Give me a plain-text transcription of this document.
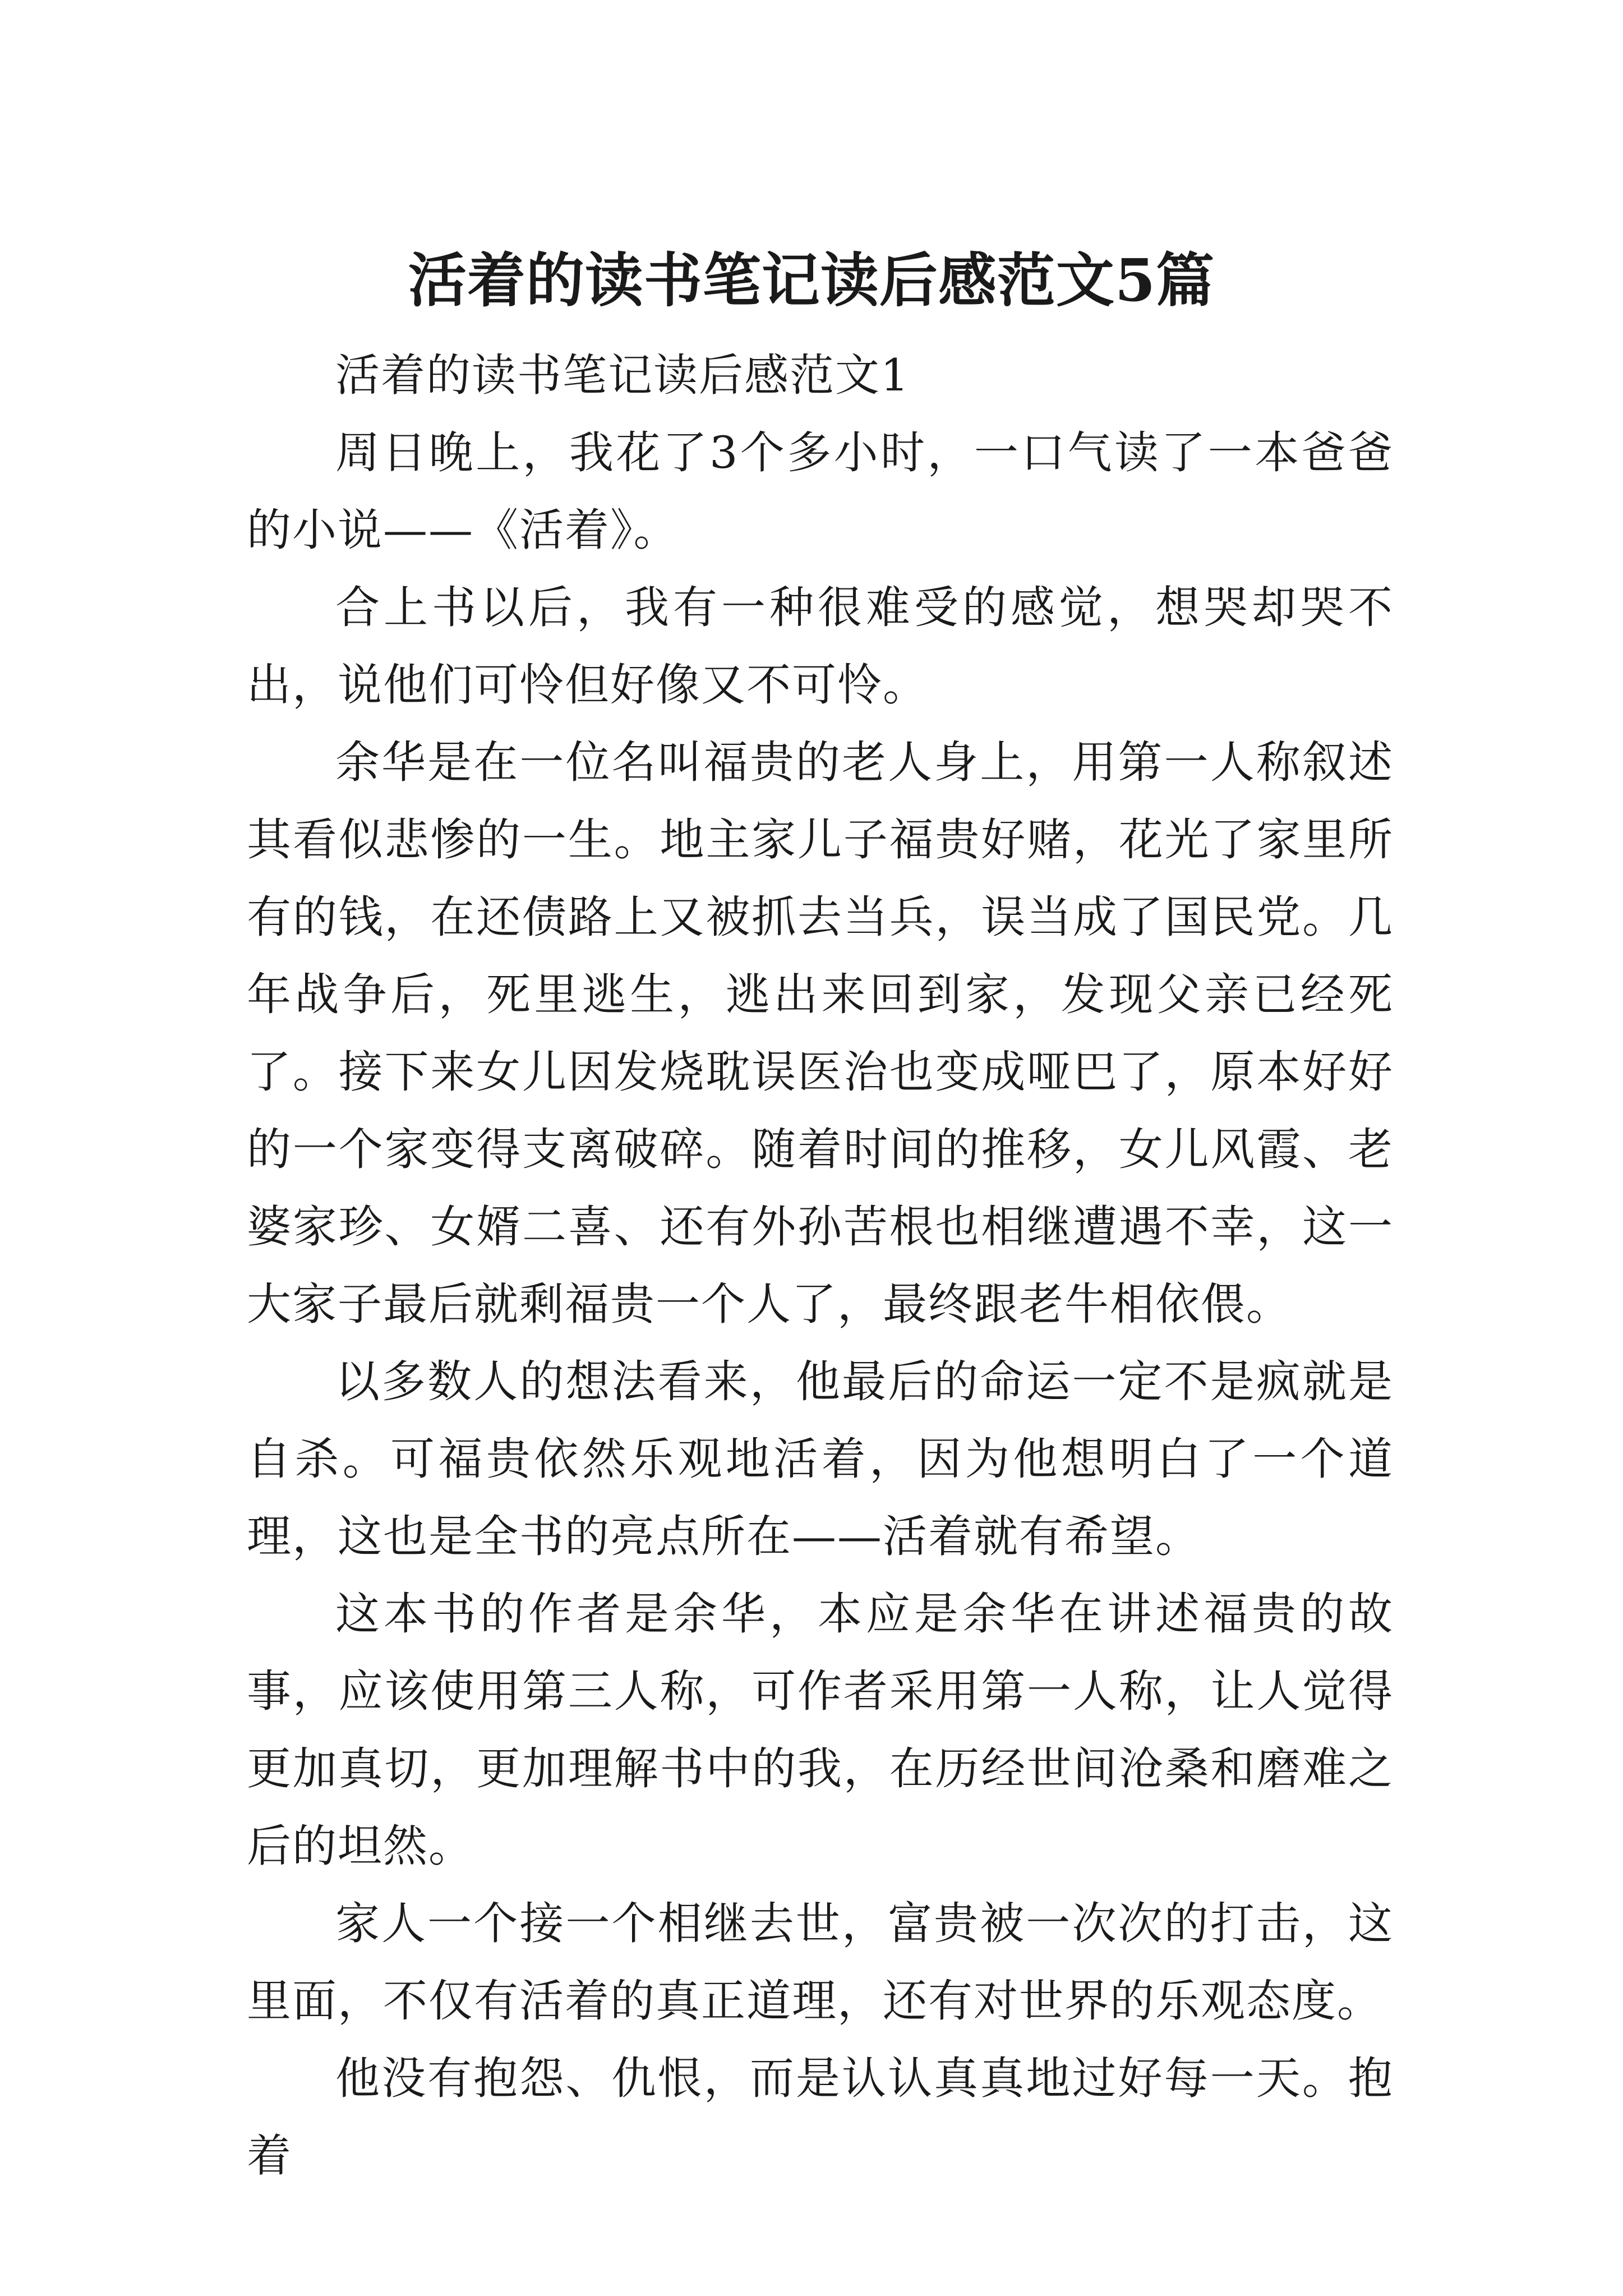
活着的读书笔记读后感范文5篇

活着的读书笔记读后感范文1

周日晚上，我花了3个多小时，一口气读了一本爸爸的小说——《活着》。

合上书以后，我有一种很难受的感觉，想哭却哭不出，说他们可怜但好像又不可怜。

余华是在一位名叫福贵的老人身上，用第一人称叙述其看似悲惨的一生。地主家儿子福贵好赌，花光了家里所有的钱，在还债路上又被抓去当兵，误当成了国民党。几年战争后，死里逃生，逃出来回到家，发现父亲已经死了。接下来女儿因发烧耽误医治也变成哑巴了，原本好好的一个家变得支离破碎。随着时间的推移，女儿风霞、老婆家珍、女婿二喜、还有外孙苦根也相继遭遇不幸，这一大家子最后就剩福贵一个人了，最终跟老牛相依偎。

以多数人的想法看来，他最后的命运一定不是疯就是自杀。可福贵依然乐观地活着，因为他想明白了一个道理，这也是全书的亮点所在——活着就有希望。

这本书的作者是余华，本应是余华在讲述福贵的故事，应该使用第三人称，可作者采用第一人称，让人觉得更加真切，更加理解书中的我，在历经世间沧桑和磨难之后的坦然。

家人一个接一个相继去世，富贵被一次次的打击，这里面，不仅有活着的真正道理，还有对世界的乐观态度。

他没有抱怨、仇恨，而是认认真真地过好每一天。抱着
